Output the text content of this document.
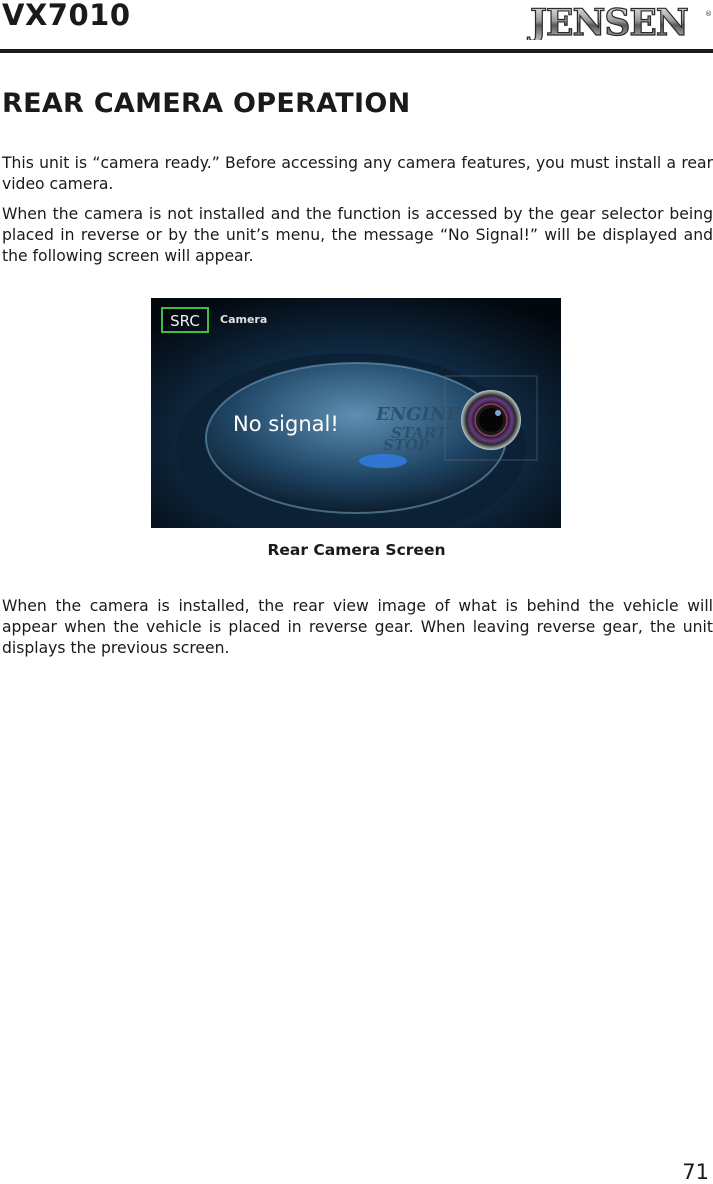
VX7010	JENSEN ®
REAR CAMERA OPERATION

This unit is “camera ready.” Before accessing any camera features, you must install a rear video camera.

When the camera is not installed and the function is accessed by the gear selector being placed in reverse or by the unit’s menu, the message “No Signal!” will be displayed and the following screen will appear.

ENGINE
START
STOP
SRC Camera
No signal!
Rear Camera Screen

When the camera is installed, the rear view image of what is behind the vehicle will appear when the vehicle is placed in reverse gear. When leaving reverse gear, the unit displays the previous screen.

71
